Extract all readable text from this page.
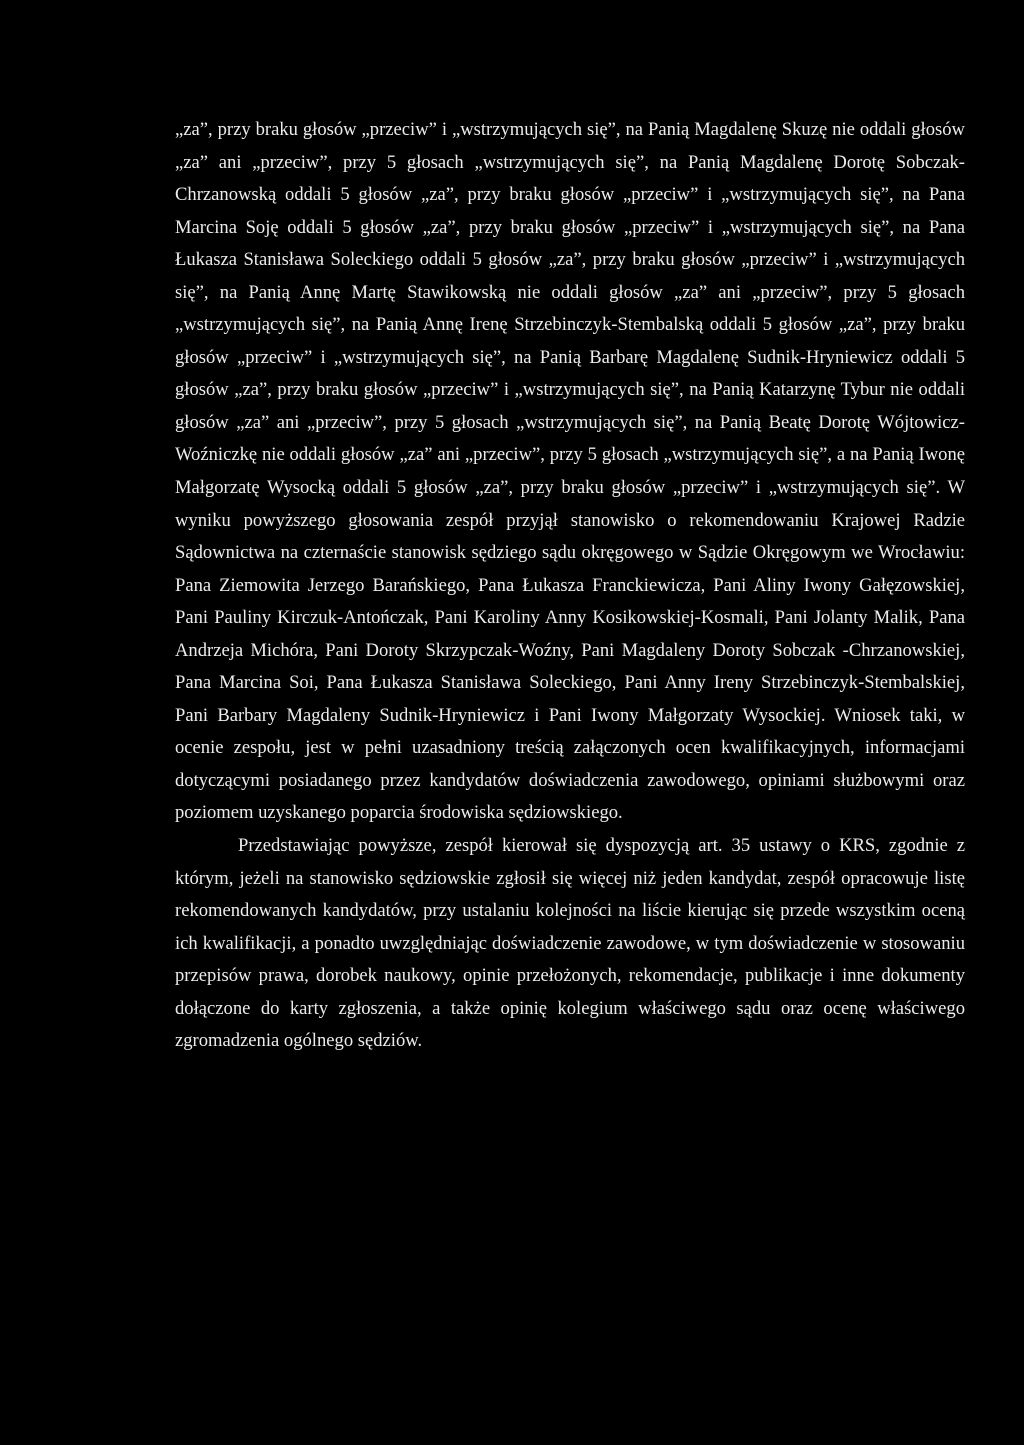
„za”, przy braku głosów „przeciw” i „wstrzymujących się”, na Panią Magdalenę Skuzę nie oddali głosów „za” ani „przeciw”, przy 5 głosach „wstrzymujących się”, na Panią Magdalenę Dorotę Sobczak-Chrzanowską oddali 5 głosów „za”, przy braku głosów „przeciw” i „wstrzymujących się”, na Pana Marcina Soję oddali 5 głosów „za”, przy braku głosów „przeciw” i „wstrzymujących się”, na Pana Łukasza Stanisława Soleckiego oddali 5 głosów „za”, przy braku głosów „przeciw” i „wstrzymujących się”, na Panią Annę Martę Stawikowską nie oddali głosów „za” ani „przeciw”, przy 5 głosach „wstrzymujących się”, na Panią Annę Irenę Strzebinczyk-Stembalską oddali 5 głosów „za”, przy braku głosów „przeciw” i „wstrzymujących się”, na Panią Barbarę Magdalenę Sudnik-Hryniewicz oddali 5 głosów „za”, przy braku głosów „przeciw” i „wstrzymujących się”, na Panią Katarzynę Tybur nie oddali głosów „za” ani „przeciw”, przy 5 głosach „wstrzymujących się”, na Panią Beatę Dorotę Wójtowicz-Woźniczkę nie oddali głosów „za” ani „przeciw”, przy 5 głosach „wstrzymujących się”, a na Panią Iwonę Małgorzatę Wysocką oddali 5 głosów „za”, przy braku głosów „przeciw” i „wstrzymujących się”. W wyniku powyższego głosowania zespół przyjął stanowisko o rekomendowaniu Krajowej Radzie Sądownictwa na czternaście stanowisk sędziego sądu okręgowego w Sądzie Okręgowym we Wrocławiu: Pana Ziemowita Jerzego Barańskiego, Pana Łukasza Franckiewicza, Pani Aliny Iwony Gałęzowskiej, Pani Pauliny Kirczuk-Antończak, Pani Karoliny Anny Kosikowskiej-Kosmali, Pani Jolanty Malik, Pana Andrzeja Michóra, Pani Doroty Skrzypczak-Woźny, Pani Magdaleny Doroty Sobczak -Chrzanowskiej, Pana Marcina Soi, Pana Łukasza Stanisława Soleckiego, Pani Anny Ireny Strzebinczyk-Stembalskiej, Pani Barbary Magdaleny Sudnik-Hryniewicz i Pani Iwony Małgorzaty Wysockiej. Wniosek taki, w ocenie zespołu, jest w pełni uzasadniony treścią załączonych ocen kwalifikacyjnych, informacjami dotyczącymi posiadanego przez kandydatów doświadczenia zawodowego, opiniami służbowymi oraz poziomem uzyskanego poparcia środowiska sędziowskiego.

Przedstawiając powyższe, zespół kierował się dyspozycją art. 35 ustawy o KRS, zgodnie z którym, jeżeli na stanowisko sędziowskie zgłosił się więcej niż jeden kandydat, zespół opracowuje listę rekomendowanych kandydatów, przy ustalaniu kolejności na liście kierując się przede wszystkim oceną ich kwalifikacji, a ponadto uwzględniając doświadczenie zawodowe, w tym doświadczenie w stosowaniu przepisów prawa, dorobek naukowy, opinie przełożonych, rekomendacje, publikacje i inne dokumenty dołączone do karty zgłoszenia, a także opinię kolegium właściwego sądu oraz ocenę właściwego zgromadzenia ogólnego sędziów.
